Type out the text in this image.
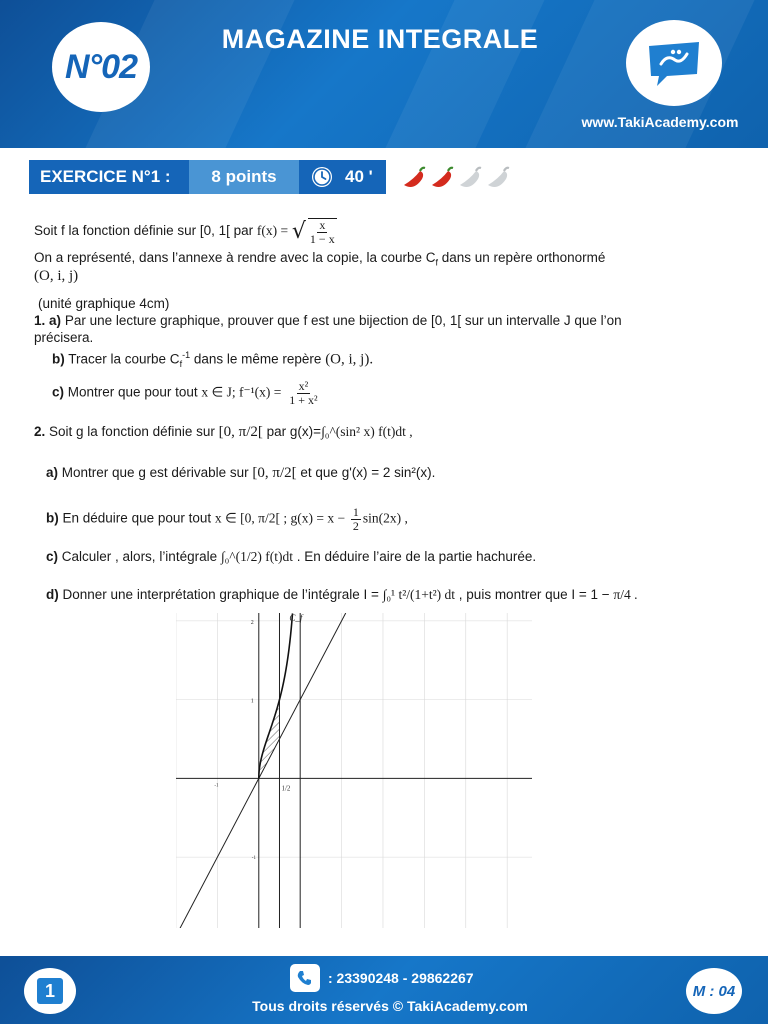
N°02
MAGAZINE INTEGRALE
www.TakiAcademy.com
EXERCICE N°1 :	8 points	40 '
Soit f la fonction définie sur [0, 1[ par f(x) = √ $\frac{x}{1 - x}$
On a représenté, dans l’annexe à rendre avec la copie, la courbe $C_f$ dans un repère orthonormé
(O, i, j)
(unité graphique 4cm)
1. a) Par une lecture graphique, prouver que f est une bijection de [0, 1[ sur un intervalle J que l’on
précisera.
b) Tracer la courbe $C_f^{-1}$ dans le même repère (O, i, j).
c) Montrer que pour tout x ∈ J; $f^{-1}(x) = \frac{\text{x²}}{\text{1 + x²}}$
2. Soit g la fonction définie sur [0, π/2[ par g(x)=∫₀^(sin² x) f(t)dt ,
a) Montrer que g est dérivable sur [0, π/2[ et que g'(x) = 2 sin²(x).
b) En déduire que pour tout x ∈ [0, π/2[ ; $g(x) = x - \frac{1}{2} \sin(2x)$ ,
c) Calculer , alors, l’intégrale ∫₀^(1/2) f(t)dt . En déduire l’aire de la partie hachurée.
d) Donner une interprétation graphique de l’intégrale I = ∫₀¹ t²/(1+t²) dt , puis montrer que I = 1 − π/4 .
C_f
2
1
1/2
-1
-1
1
: 23390248 - 29862267
Tous droits réservés © TakiAcademy.com
M : 04
